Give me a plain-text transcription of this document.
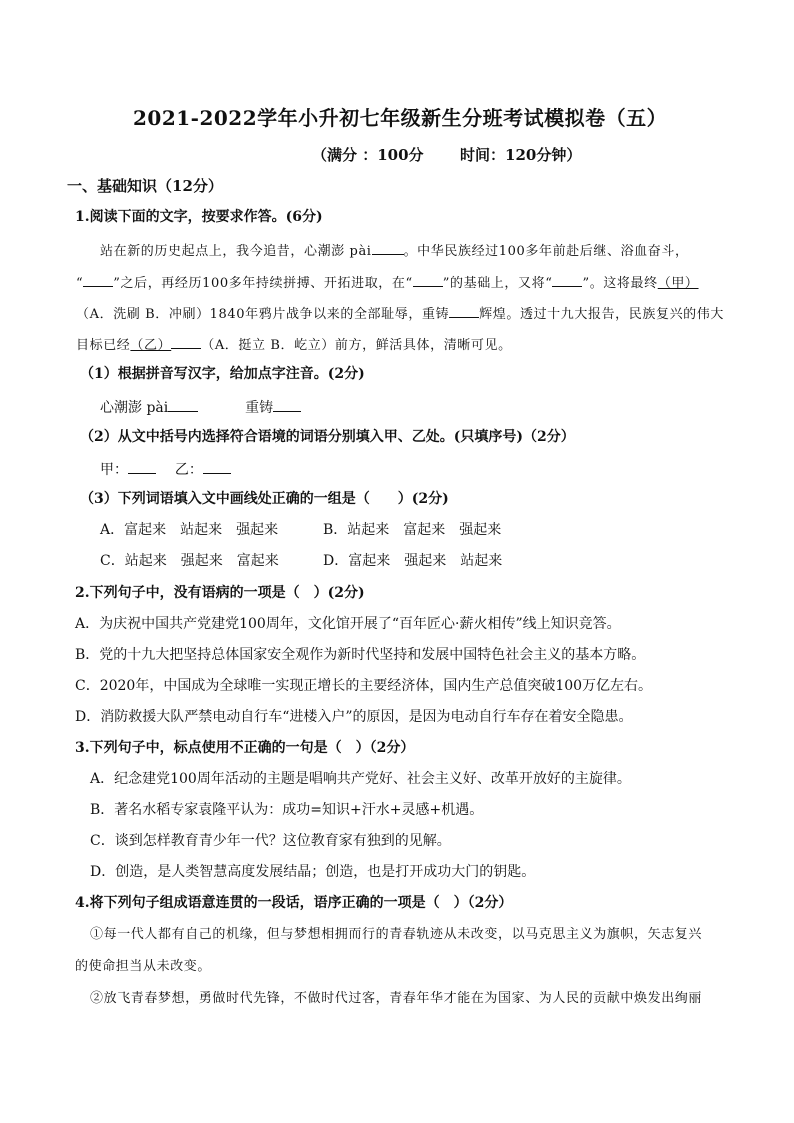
2021-2022学年小升初七年级新生分班考试模拟卷（五）
（满分 ：100分 时间：120分钟）
一、基础知识（12分）
1.阅读下面的文字，按要求作答。(6分)
站在新的历史起点上，我今追昔，心潮澎 pài 。中华民族经过100多年前赴后继、浴血奋斗，
“ ”之后，再经历100多年持续拼搏、开拓进取，在“ ”的基础上，又将“ ”。这将最终（甲）
（A．洗刷 B．冲刷）1840年鸦片战争以来的全部耻辱，重铸 辉煌。透过十九大报告，民族复兴的伟大
目标已经（乙） （A．挺立 B．屹立）前方，鲜活具体，清晰可见。
（1）根据拼音写汉字，给加点字注音。(2分)
心潮澎 pài	重铸
（2）从文中括号内选择符合语境的词语分别填入甲、乙处。(只填序号)（2分）
甲：	乙：
（3）下列词语填入文中画线处正确的一组是（　　）(2分)
A．富起来　站起来　强起来	B．站起来　富起来　强起来
C．站起来　强起来　富起来	D．富起来　强起来　站起来
2.下列句子中，没有语病的一项是（　）(2分)
A．为庆祝中国共产党建党100周年，文化馆开展了“百年匠心·薪火相传”线上知识竞答。
B．党的十九大把坚持总体国家安全观作为新时代坚持和发展中国特色社会主义的基本方略。
C．2020年，中国成为全球唯一实现正增长的主要经济体，国内生产总值突破100万亿左右。
D．消防救援大队严禁电动自行车“进楼入户”的原因，是因为电动自行车存在着安全隐患。
3.下列句子中，标点使用不正确的一句是（　）（2分）
A．纪念建党100周年活动的主题是唱响共产党好、社会主义好、改革开放好的主旋律。
B．著名水稻专家袁隆平认为：成功=知识+汗水+灵感+机遇。
C．谈到怎样教育青少年一代？这位教育家有独到的见解。
D．创造，是人类智慧高度发展结晶；创造，也是打开成功大门的钥匙。
4.将下列句子组成语意连贯的一段话，语序正确的一项是（　）（2分）
①每一代人都有自己的机缘，但与梦想相拥而行的青春轨迹从未改变，以马克思主义为旗帜，矢志复兴
的使命担当从未改变。
②放飞青春梦想，勇做时代先锋，不做时代过客，青春年华才能在为国家、为人民的贡献中焕发出绚丽
